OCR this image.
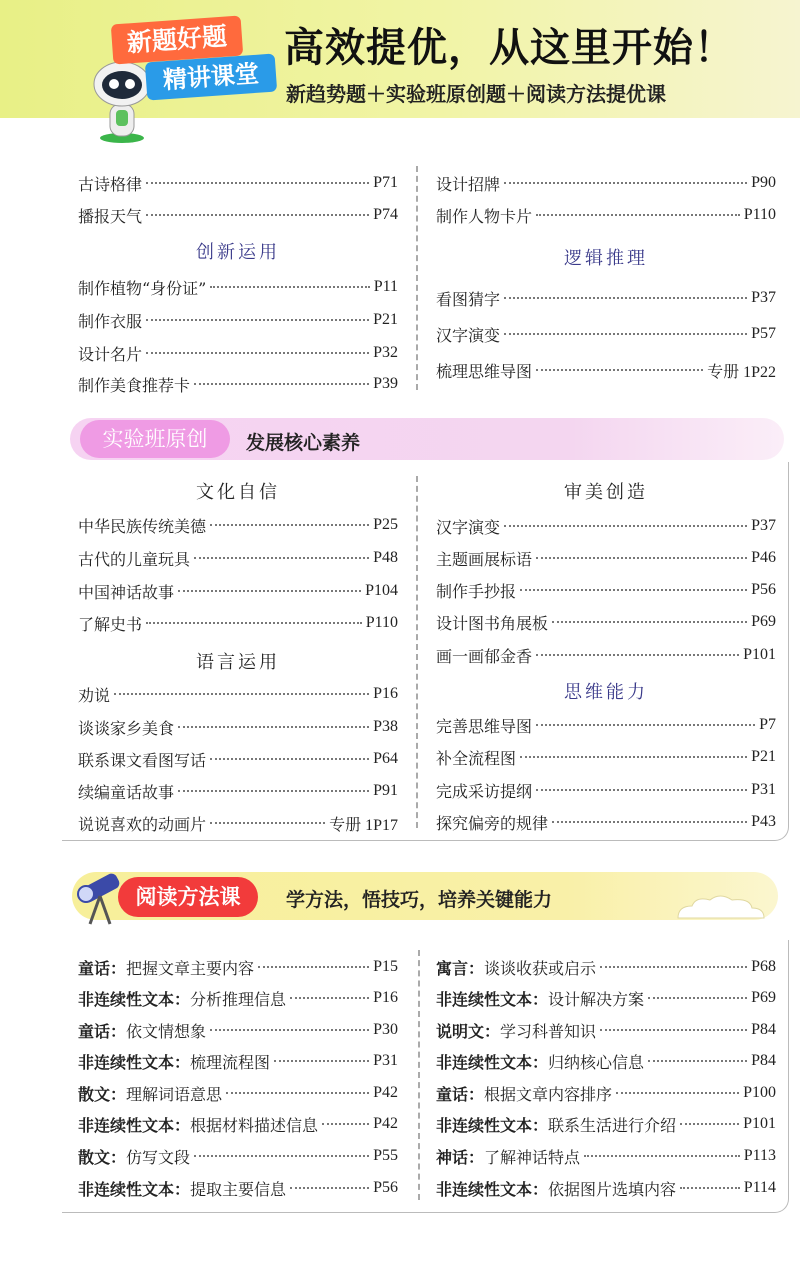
新题好题
精讲课堂
高效提优，从这里开始！
新趋势题＋实验班原创题＋阅读方法提优课
古诗格律	P71
播报天气	P74
创新运用
制作植物“身份证”	P11
制作衣服	P21
设计名片	P32
制作美食推荐卡	P39
设计招牌	P90
制作人物卡片	P110
逻辑推理
看图猜字	P37
汉字演变	P57
梳理思维导图	专册 1P22
实验班原创	发展核心素养
文化自信
中华民族传统美德	P25
古代的儿童玩具	P48
中国神话故事	P104
了解史书	P110
语言运用
劝说	P16
谈谈家乡美食	P38
联系课文看图写话	P64
续编童话故事	P91
说说喜欢的动画片	专册 1P17
审美创造
汉字演变	P37
主题画展标语	P46
制作手抄报	P56
设计图书角展板	P69
画一画郁金香	P101
思维能力
完善思维导图	P7
补全流程图	P21
完成采访提纲	P31
探究偏旁的规律	P43
阅读方法课	学方法，悟技巧，培养关键能力
童话： 把握文章主要内容	P15
非连续性文本： 分析推理信息	P16
童话： 依文情想象	P30
非连续性文本： 梳理流程图	P31
散文： 理解词语意思	P42
非连续性文本： 根据材料描述信息	P42
散文： 仿写文段	P55
非连续性文本： 提取主要信息	P56
寓言： 谈谈收获或启示	P68
非连续性文本： 设计解决方案	P69
说明文： 学习科普知识	P84
非连续性文本： 归纳核心信息	P84
童话： 根据文章内容排序	P100
非连续性文本： 联系生活进行介绍	P101
神话： 了解神话特点	P113
非连续性文本： 依据图片选填内容	P114
